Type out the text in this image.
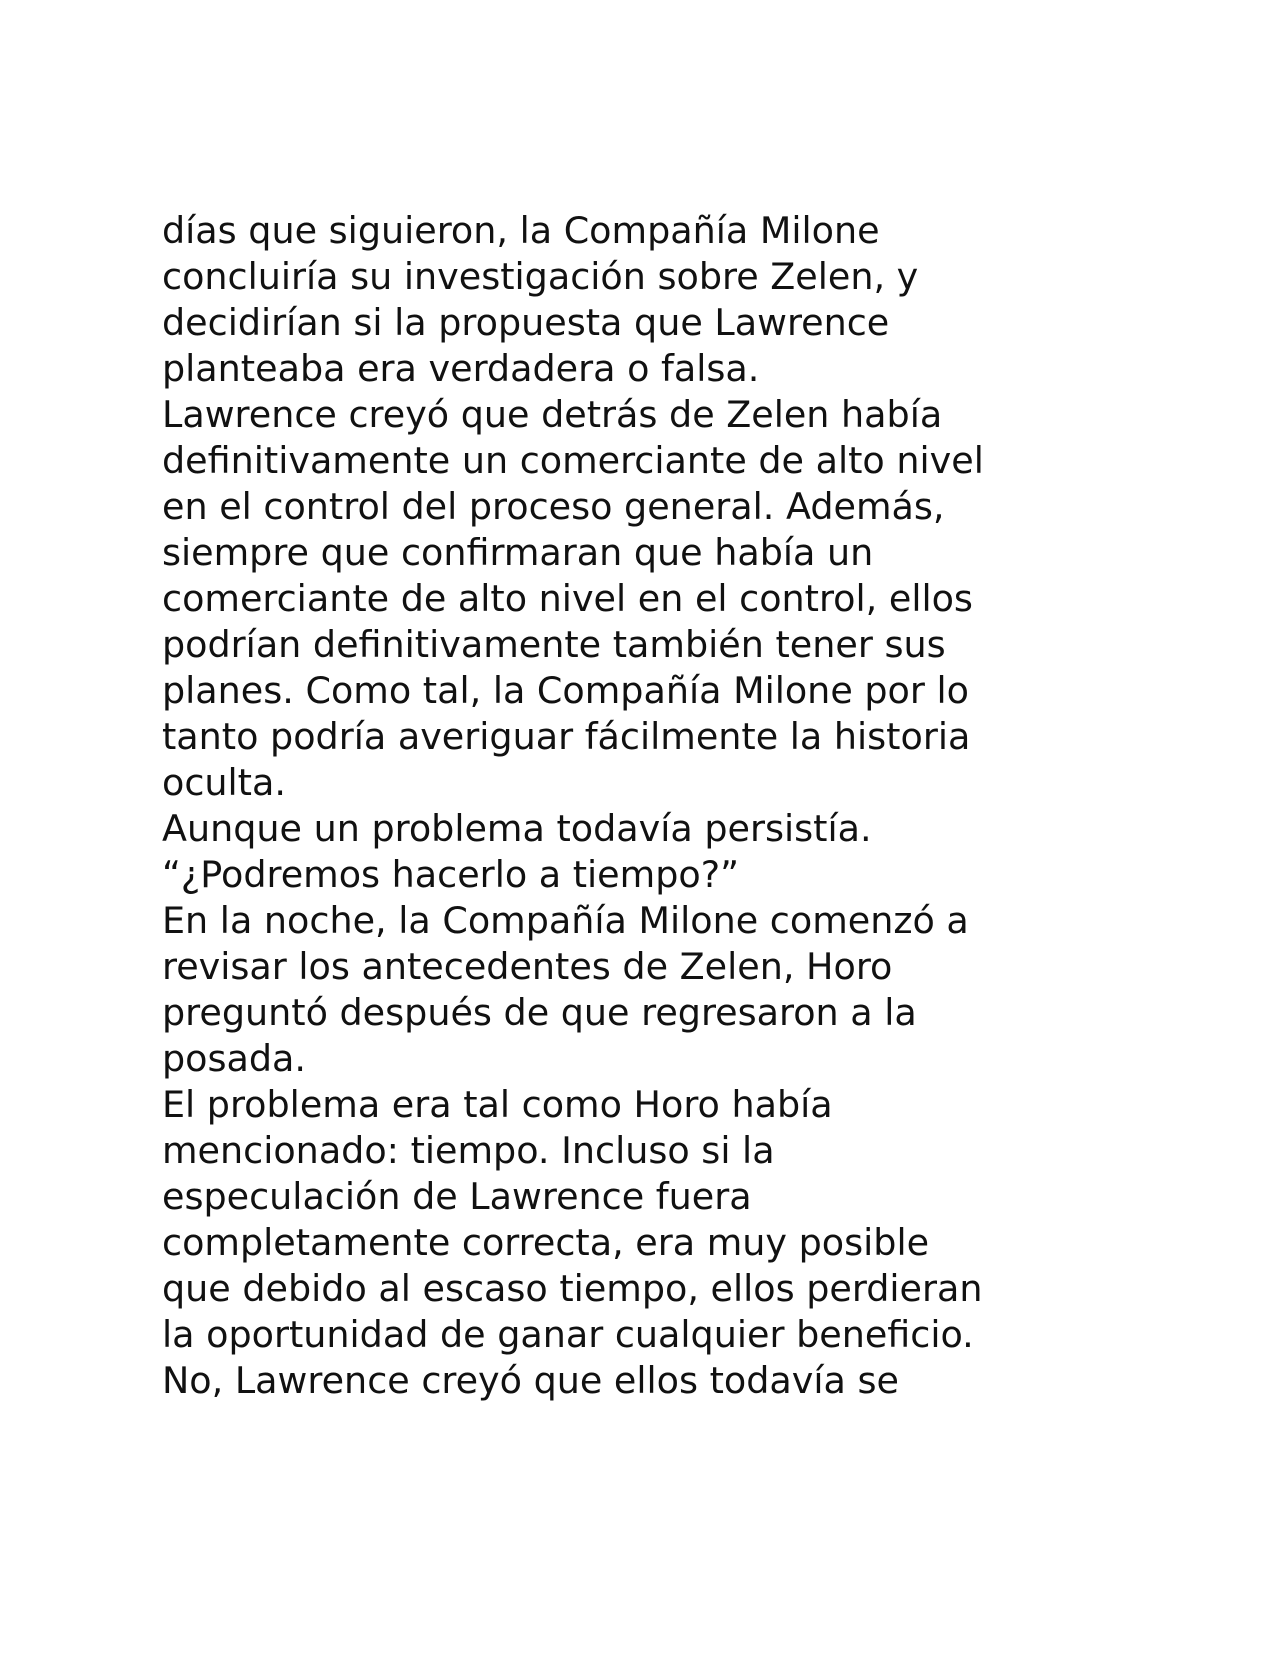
días que siguieron, la Compañía Milone
concluiría su investigación sobre Zelen, y
decidirían si la propuesta que Lawrence
planteaba era verdadera o falsa.
Lawrence creyó que detrás de Zelen había
definitivamente un comerciante de alto nivel
en el control del proceso general. Además,
siempre que confirmaran que había un
comerciante de alto nivel en el control, ellos
podrían definitivamente también tener sus
planes. Como tal, la Compañía Milone por lo
tanto podría averiguar fácilmente la historia
oculta.
Aunque un problema todavía persistía.
“¿Podremos hacerlo a tiempo?”
En la noche, la Compañía Milone comenzó a
revisar los antecedentes de Zelen, Horo
preguntó después de que regresaron a la
posada.
El problema era tal como Horo había
mencionado: tiempo. Incluso si la
especulación de Lawrence fuera
completamente correcta, era muy posible
que debido al escaso tiempo, ellos perdieran
la oportunidad de ganar cualquier beneficio.
No, Lawrence creyó que ellos todavía se
